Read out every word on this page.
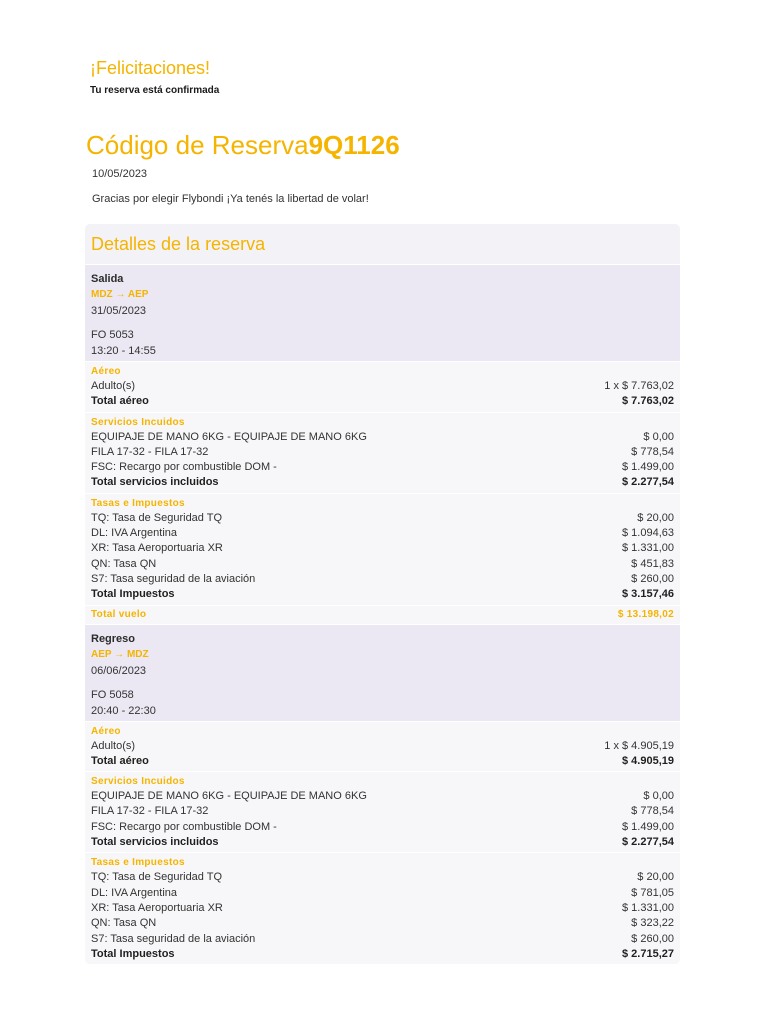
¡Felicitaciones!
Tu reserva está confirmada
Código de Reserva9Q1126
10/05/2023
Gracias por elegir Flybondi ¡Ya tenés la libertad de volar!
Detalles de la reserva
Salida
MDZ → AEP
31/05/2023
FO 5053
13:20 - 14:55
Aéreo
Adulto(s)	1 x $ 7.763,02
Total aéreo	$ 7.763,02
Servicios Incuidos
EQUIPAJE DE MANO 6KG - EQUIPAJE DE MANO 6KG	$ 0,00
FILA 17-32 - FILA 17-32	$ 778,54
FSC: Recargo por combustible DOM -	$ 1.499,00
Total servicios incluidos	$ 2.277,54
Tasas e Impuestos
TQ: Tasa de Seguridad TQ	$ 20,00
DL: IVA Argentina	$ 1.094,63
XR: Tasa Aeroportuaria XR	$ 1.331,00
QN: Tasa QN	$ 451,83
S7: Tasa seguridad de la aviación	$ 260,00
Total Impuestos	$ 3.157,46
Total vuelo	$ 13.198,02
Regreso
AEP → MDZ
06/06/2023
FO 5058
20:40 - 22:30
Aéreo
Adulto(s)	1 x $ 4.905,19
Total aéreo	$ 4.905,19
Servicios Incuidos
EQUIPAJE DE MANO 6KG - EQUIPAJE DE MANO 6KG	$ 0,00
FILA 17-32 - FILA 17-32	$ 778,54
FSC: Recargo por combustible DOM -	$ 1.499,00
Total servicios incluidos	$ 2.277,54
Tasas e Impuestos
TQ: Tasa de Seguridad TQ	$ 20,00
DL: IVA Argentina	$ 781,05
XR: Tasa Aeroportuaria XR	$ 1.331,00
QN: Tasa QN	$ 323,22
S7: Tasa seguridad de la aviación	$ 260,00
Total Impuestos	$ 2.715,27
